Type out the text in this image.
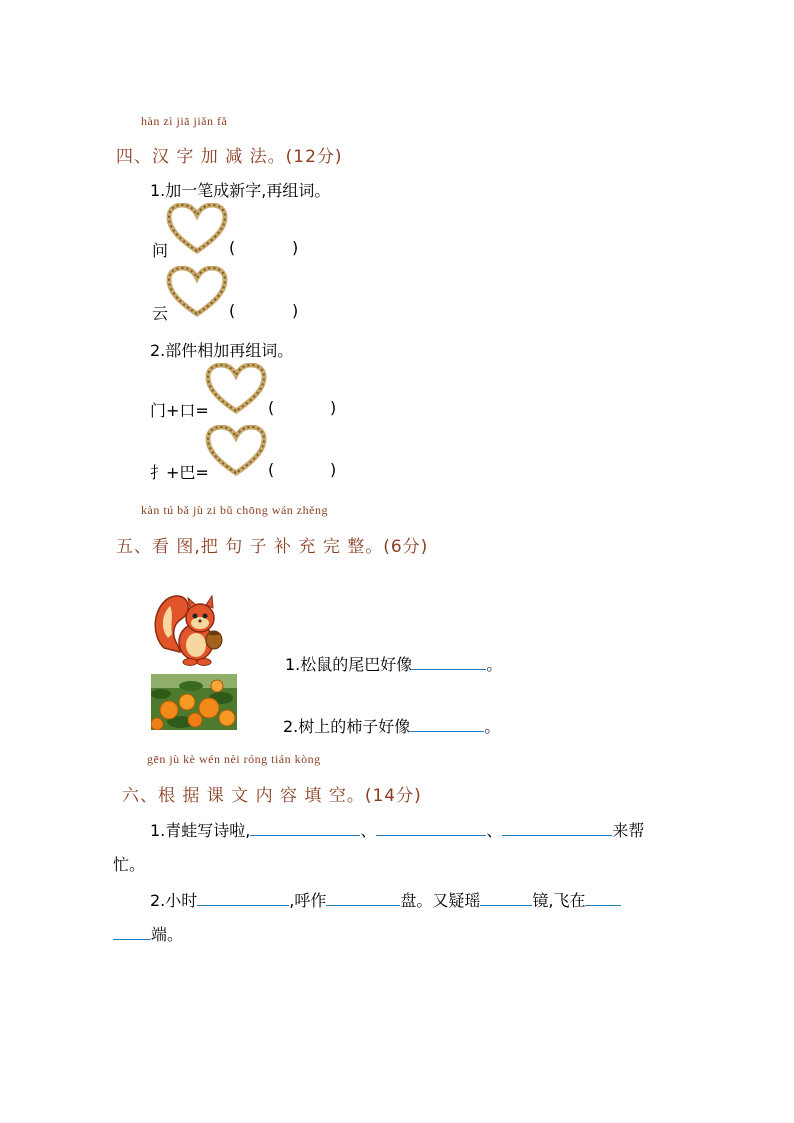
hàn zì jiā jiǎn fǎ
四、汉 字 加 减 法。(12分)
1.加一笔成新字,再组词。
问	(	)
云	(	)
2.部件相加再组词。
门+口=	(	)
扌+巴=	(	)
kàn tú bǎ jù zi bǔ chōng wán zhěng
五、看 图,把 句 子 补 充 完 整。(6分)
1.松鼠的尾巴好像	。
2.树上的柿子好像	。
gēn jù kè wén nèi róng tián kòng
六、根 据 课 文 内 容 填 空。(14分)
1.青蛙写诗啦,	、	、	来帮
忙。
2.小时	,呼作	盘。又疑瑶	镜,飞在
端。
